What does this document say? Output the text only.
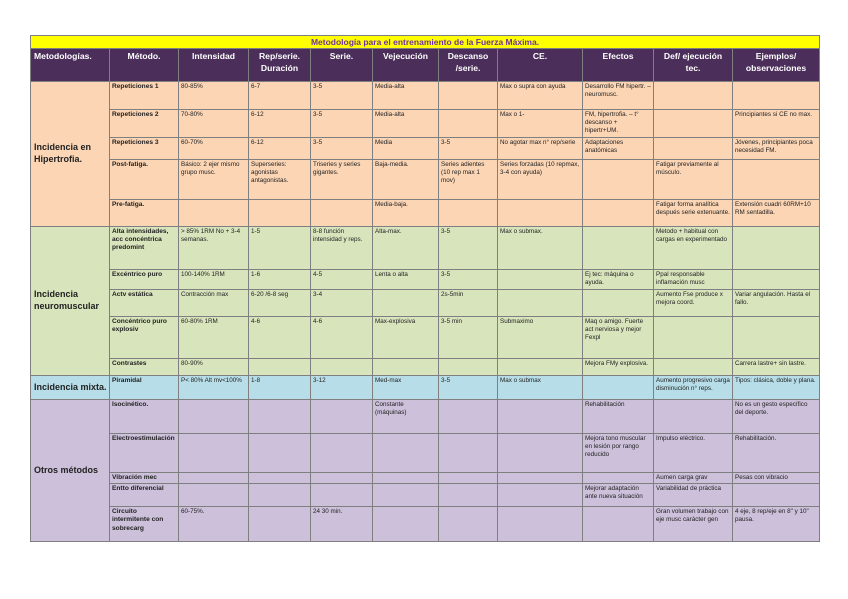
Metodología para el entrenamiento de la Fuerza Máxima.										
Metodologías.	Método.	Intensidad	Rep/serie. Duración	Serie.	Vejecución	Descanso /serie.	CE.	Efectos	Def/ ejecución tec.	Ejemplos/ observaciones
Incidencia en Hipertrofia.	Repeticiones 1	80-85%	6-7	3-5	Media-alta		Max o supra con ayuda	Desarrollo FM hipertr. – neuromusc.		
	Repeticiones 2	70-80%	6-12	3-5	Media-alta		Max o 1-	FM, hipertrofia. – t° descanso + hipertr+UM.		Principiantes si CE no max.
	Repeticiones 3	60-70%	6-12	3-5	Media	3-5	No agotar max n° rep/serie	Adaptaciones anatómicas		Jóvenes, principiantes poca necesidad FM.
	Post-fatiga.	Básico: 2 ejer mismo grupo musc.	Superseries: agonistas antagonistas.	Triseries y series gigantes.	Baja-media.	Series adientes (10 rep max 1 mov)	Series forzadas (10 repmax, 3-4 con ayuda)		Fatigar previamente al músculo.	
	Pre-fatiga.				Media-baja.				Fatigar forma analítica después serie extenuante.	Extensión cuadri 60RM+10 RM sentadilla.
Incidencia neuromuscular	Alta intensidades, acc concéntrica predomint	> 85% 1RM No + 3-4 semanas.	1-5	8-8 función intensidad y reps.	Alta-max.	3-5	Max o submax.		Metodo + habitual con cargas en experimentado	
	Excéntrico puro	100-140% 1RM	1-6	4-5	Lenta o alta	3-5		Ej tec: máquina o ayuda.	Ppal responsable inflamación musc	
	Actv estática	Contracción max	6-20 /6-8 seg	3-4		2s-5min			Aumento Fse produce x mejora coord.	Variar angulación. Hasta el fallo.
	Concéntrico puro explosiv	60-80% 1RM	4-6	4-6	Max-explosiva	3-5 min	Submaximo	Maq o amigo. Fuerte act nerviosa y mejor Fexpl		
	Contrastes	80-90%						Mejora FMy explosiva.		Carrera lastre+ sin lastre.
Incidencia mixta.	Piramidal	P< 80% Alt mv<100%	1-8	3-12	Med-max	3-5	Max o submax		Aumento progresivo carga disminución n° reps.	Tipos: clásica, doble y plana.
Otros métodos	Isocinético.				Constante (máquinas)			Rehabilitación		No es un gesto específico del deporte.
	Electroestimulación							Mejora tono muscular en lesión por rango reducido	Impulso eléctrico.	Rehabilitación.
	Vibración mec								Aumen carga grav	Pesas con vibracio
	Entto diferencial							Mejorar adaptación ante nueva situación	Variabilidad de práctica	
	Circuito intermitente con sobrecarg	60-75%.		24 30 min.					Gran volumen trabajo con eje musc carácter gen	4 eje, 8 rep/eje en 8" y 10" pausa.
